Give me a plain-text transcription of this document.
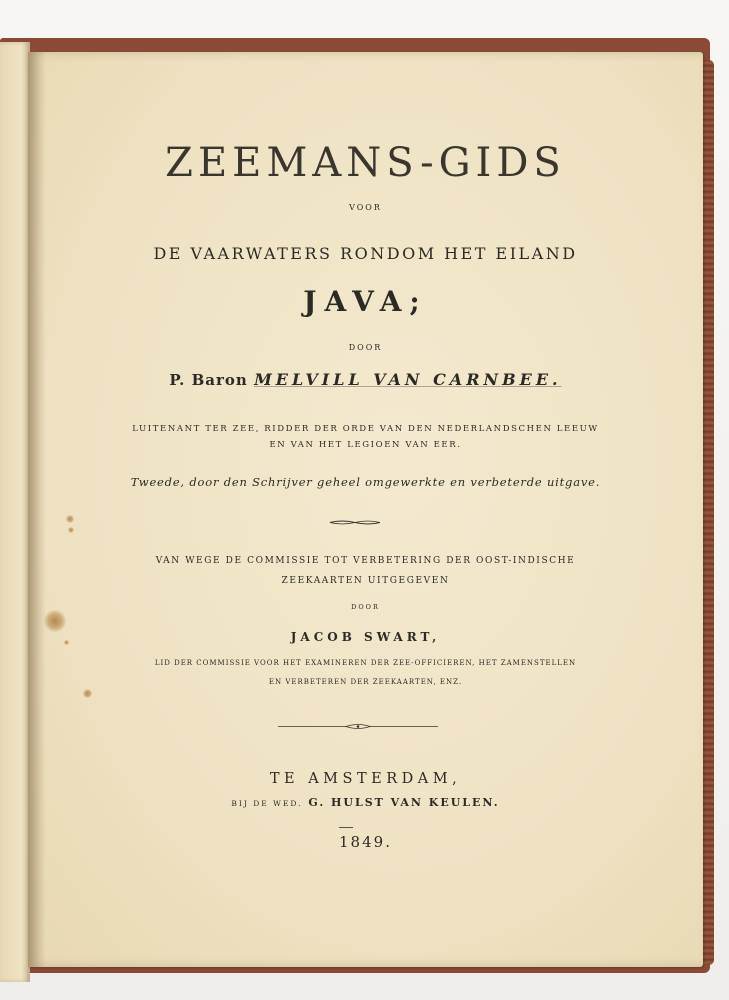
ZEEMANS-GIDS
VOOR
DE VAARWATERS RONDOM HET EILAND
JAVA;
DOOR
P. Baron MELVILL VAN CARNBEE.
LUITENANT TER ZEE, RIDDER DER ORDE VAN DEN NEDERLANDSCHEN LEEUW
EN VAN HET LEGIOEN VAN EER.
Tweede, door den Schrijver geheel omgewerkte en verbeterde uitgave.
VAN WEGE DE COMMISSIE TOT VERBETERING DER OOST-INDISCHE
ZEEKAARTEN UITGEGEVEN
DOOR
JACOB SWART,
LID DER COMMISSIE VOOR HET EXAMINEREN DER ZEE-OFFICIEREN, HET ZAMENSTELLEN
EN VERBETEREN DER ZEEKAARTEN, ENZ.
TE AMSTERDAM,
BIJ DE WED. G. HULST VAN KEULEN.
1849.
